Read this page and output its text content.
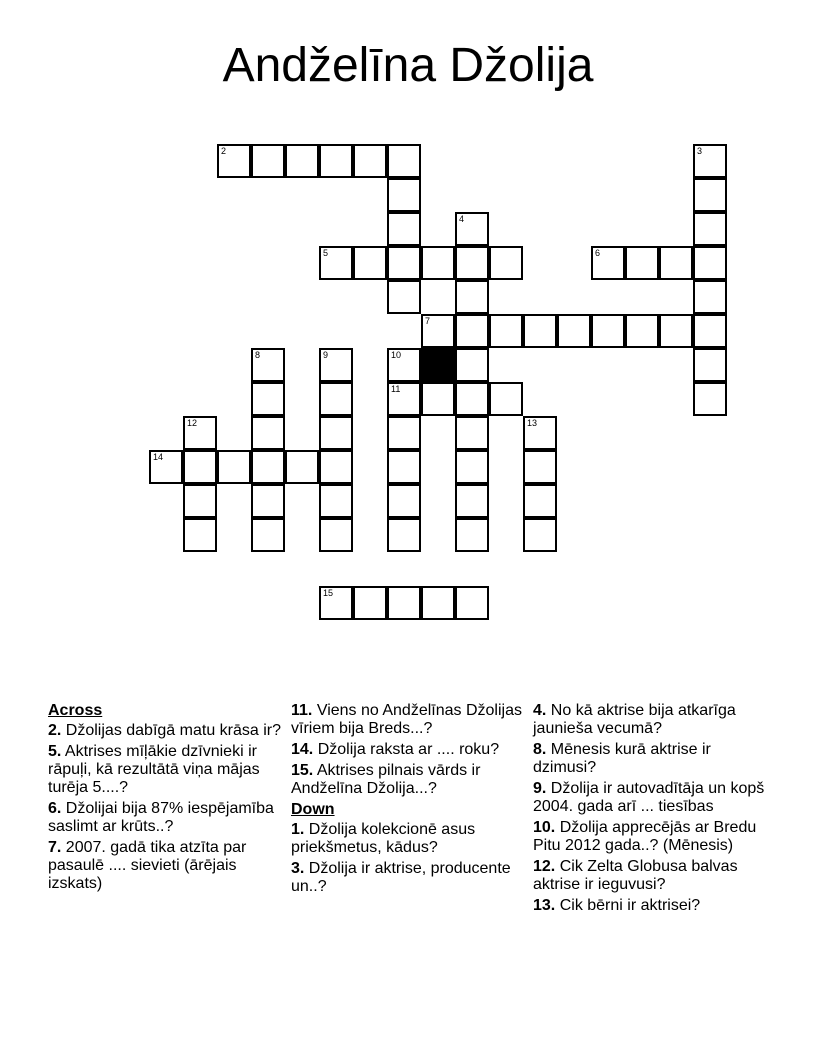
Andželīna Džolija
2	3
4
5	6
7
8	9	10
11
12	13
14
15
Across
2. Džolijas dabīgā matu krāsa ir?
5. Aktrises mīļākie dzīvnieki ir rāpuļi, kā rezultātā viņa mājas turēja 5....?
6. Džolijai bija 87% iespējamība saslimt ar krūts..?
7. 2007. gadā tika atzīta par pasaulē .... sievieti (ārējais izskats)
11. Viens no Andželīnas Džolijas vīriem bija Breds...?
14. Džolija raksta ar .... roku?
15. Aktrises pilnais vārds ir Andželīna Džolija...?
Down
1. Džolija kolekcionē asus priekšmetus, kādus?
3. Džolija ir aktrise, producente un..?
4. No kā aktrise bija atkarīga jaunieša vecumā?
8. Mēnesis kurā aktrise ir dzimusi?
9. Džolija ir autovadītāja un kopš 2004. gada arī ... tiesības
10. Džolija apprecējās ar Bredu Pitu 2012 gada..? (Mēnesis)
12. Cik Zelta Globusa balvas aktrise ir ieguvusi?
13. Cik bērni ir aktrisei?
